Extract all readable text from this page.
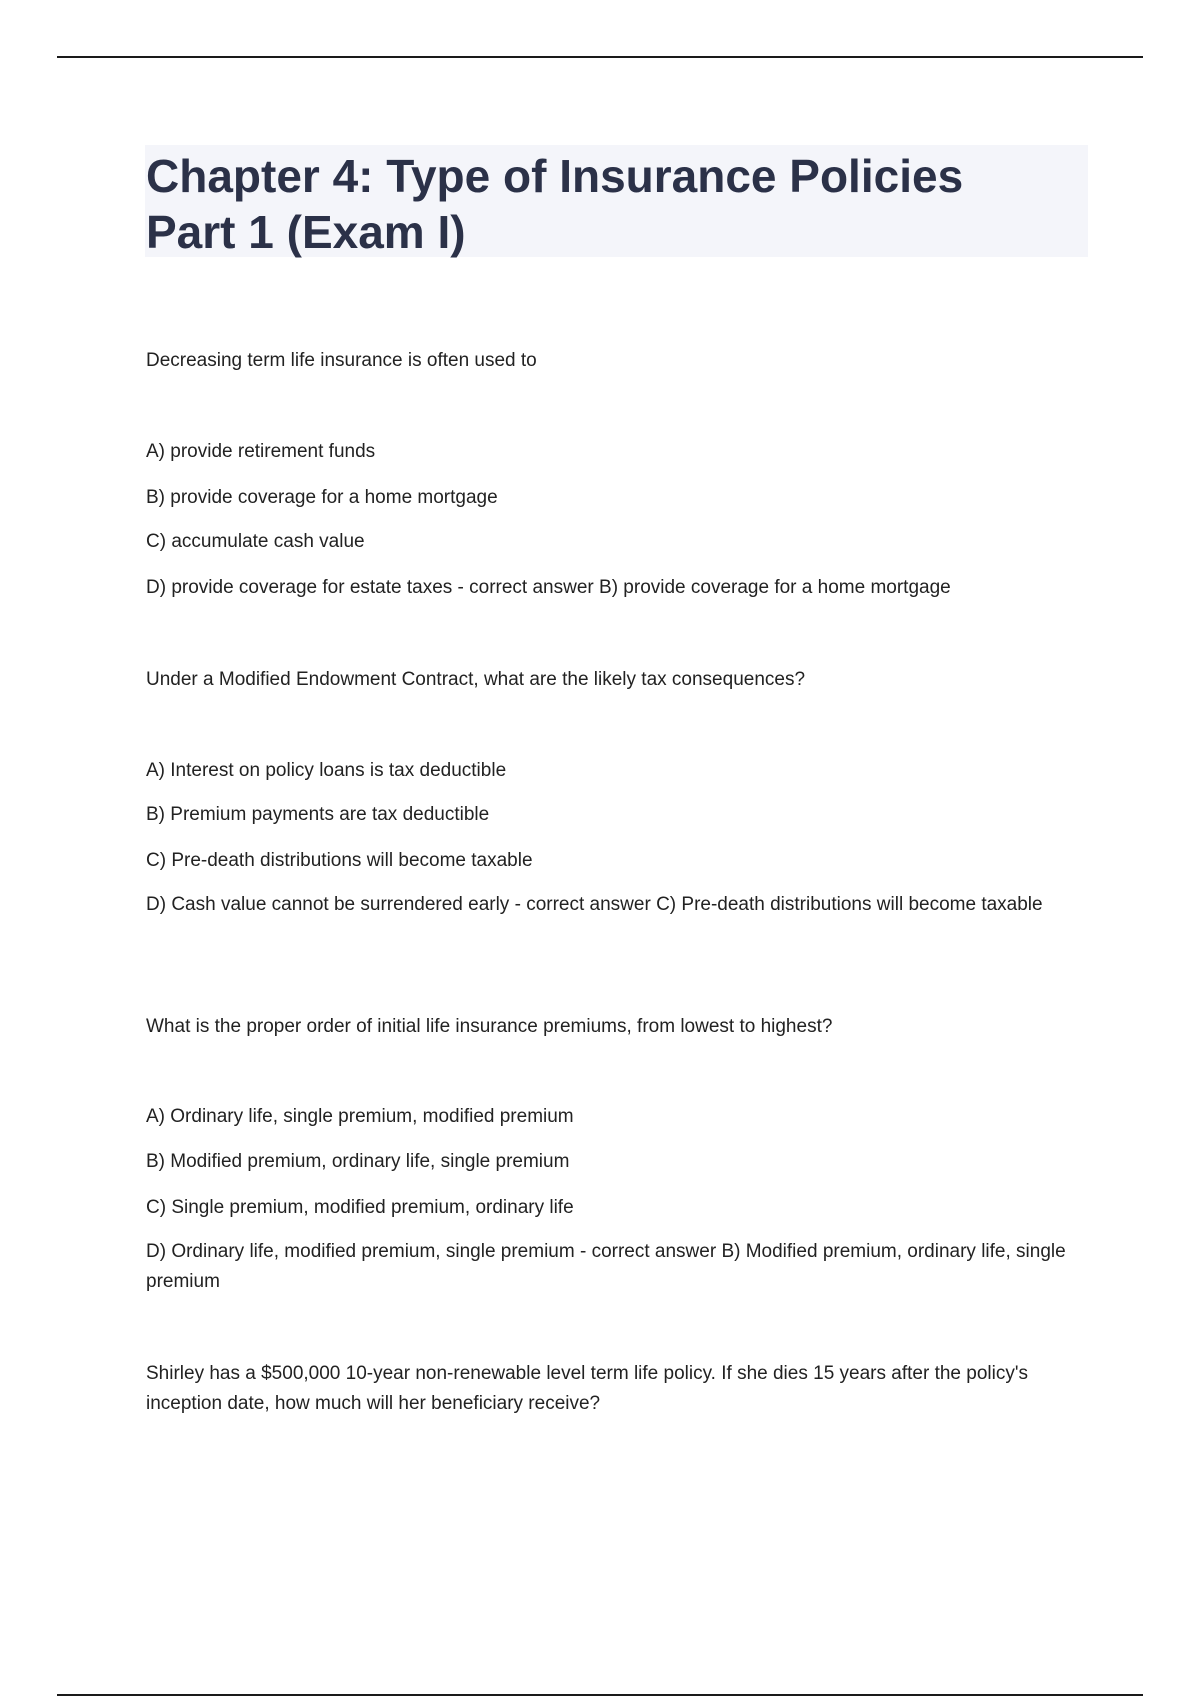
Chapter 4: Type of Insurance Policies
Part 1 (Exam I)

Decreasing term life insurance is often used to

A) provide retirement funds

B) provide coverage for a home mortgage

C) accumulate cash value

D) provide coverage for estate taxes - correct answer B) provide coverage for a home mortgage

Under a Modified Endowment Contract, what are the likely tax consequences?

A) Interest on policy loans is tax deductible

B) Premium payments are tax deductible

C) Pre-death distributions will become taxable

D) Cash value cannot be surrendered early - correct answer C) Pre-death distributions will become taxable

What is the proper order of initial life insurance premiums, from lowest to highest?

A) Ordinary life, single premium, modified premium

B) Modified premium, ordinary life, single premium

C) Single premium, modified premium, ordinary life

D) Ordinary life, modified premium, single premium - correct answer B) Modified premium, ordinary life, single premium

Shirley has a $500,000 10-year non-renewable level term life policy. If she dies 15 years after the policy's inception date, how much will her beneficiary receive?
